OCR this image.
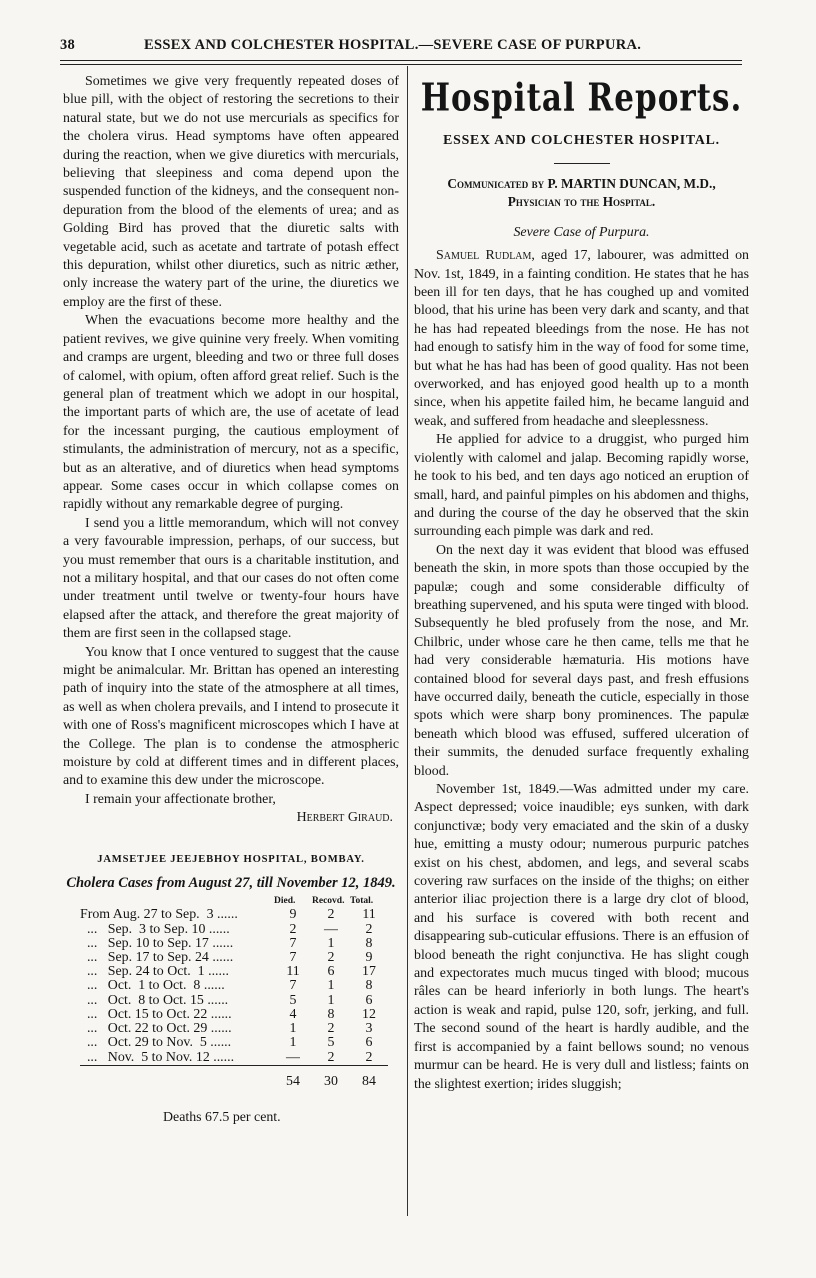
38	ESSEX AND COLCHESTER HOSPITAL.—SEVERE CASE OF PURPURA.

Sometimes we give very frequently repeated doses of blue pill, with the object of restoring the secretions to their natural state, but we do not use mercurials as specifics for the cholera virus. Head symptoms have often appeared during the reaction, when we give diuretics with mercurials, believing that sleepiness and coma depend upon the suspended function of the kidneys, and the consequent non-depuration from the blood of the elements of urea; and as Golding Bird has proved that the diuretic salts with vegetable acid, such as acetate and tartrate of potash effect this depuration, whilst other diuretics, such as nitric æther, only increase the watery part of the urine, the diuretics we employ are the first of these.

When the evacuations become more healthy and the patient revives, we give quinine very freely. When vomiting and cramps are urgent, bleeding and two or three full doses of calomel, with opium, often afford great relief. Such is the general plan of treatment which we adopt in our hospital, the important parts of which are, the use of acetate of lead for the incessant purging, the cautious employment of stimulants, the administration of mercury, not as a specific, but as an alterative, and of diuretics when head symptoms appear. Some cases occur in which collapse comes on rapidly without any remarkable degree of purging.

I send you a little memorandum, which will not convey a very favourable impression, perhaps, of our success, but you must remember that ours is a charitable institution, and not a military hospital, and that our cases do not often come under treatment until twelve or twenty-four hours have elapsed after the attack, and therefore the great majority of them are first seen in the collapsed stage.

You know that I once ventured to suggest that the cause might be animalcular. Mr. Brittan has opened an interesting path of inquiry into the state of the atmosphere at all times, as well as when cholera prevails, and I intend to prosecute it with one of Ross's magnificent microscopes which I have at the College. The plan is to condense the atmospheric moisture by cold at different times and in different places, and to examine this dew under the microscope.

I remain your affectionate brother,

Herbert Giraud.

JAMSETJEE JEEJEBHOY HOSPITAL, BOMBAY.
Cholera Cases from August 27, till November 12, 1849.
	Died.	Recovd.	Total.
From Aug. 27 to Sep.  3 ......	9	2	11
...   Sep.  3 to Sep. 10 ......	2	—	2
...   Sep. 10 to Sep. 17 ......	7	1	8
...   Sep. 17 to Sep. 24 ......	7	2	9
...   Sep. 24 to Oct.  1 ......	11	6	17
...   Oct.  1 to Oct.  8 ......	7	1	8
...   Oct.  8 to Oct. 15 ......	5	1	6
...   Oct. 15 to Oct. 22 ......	4	8	12
...   Oct. 22 to Oct. 29 ......	1	2	3
...   Oct. 29 to Nov.  5 ......	1	5	6
...   Nov.  5 to Nov. 12 ......	—	2	2
	54	30	84
Deaths 67.5 per cent.
Hospital Reports.
ESSEX AND COLCHESTER HOSPITAL.
Communicated by P. MARTIN DUNCAN, M.D.,
Physician to the Hospital.
Severe Case of Purpura.

Samuel Rudlam, aged 17, labourer, was admitted on Nov. 1st, 1849, in a fainting condition. He states that he has been ill for ten days, that he has coughed up and vomited blood, that his urine has been very dark and scanty, and that he has had repeated bleedings from the nose. He has not had enough to satisfy him in the way of food for some time, but what he has had has been of good quality. Has not been overworked, and has enjoyed good health up to a month since, when his appetite failed him, he became languid and weak, and suffered from headache and sleeplessness.

He applied for advice to a druggist, who purged him violently with calomel and jalap. Becoming rapidly worse, he took to his bed, and ten days ago noticed an eruption of small, hard, and painful pimples on his abdomen and thighs, and during the course of the day he observed that the skin surrounding each pimple was dark and red.

On the next day it was evident that blood was effused beneath the skin, in more spots than those occupied by the papulæ; cough and some considerable difficulty of breathing supervened, and his sputa were tinged with blood. Subsequently he bled profusely from the nose, and Mr. Chilbric, under whose care he then came, tells me that he had very considerable hæmaturia. His motions have contained blood for several days past, and fresh effusions have occurred daily, beneath the cuticle, especially in those spots which were sharp bony prominences. The papulæ beneath which blood was effused, suffered ulceration of their summits, the denuded surface frequently exhaling blood.

November 1st, 1849.—Was admitted under my care. Aspect depressed; voice inaudible; eys sunken, with dark conjunctivæ; body very emaciated and the skin of a dusky hue, emitting a musty odour; numerous purpuric patches exist on his chest, abdomen, and legs, and several scabs covering raw surfaces on the inside of the thighs; on either anterior iliac projection there is a large dry clot of blood, and his surface is covered with both recent and disappearing sub-cuticular effusions. There is an effusion of blood beneath the right conjunctiva. He has slight cough and expectorates much mucus tinged with blood; mucous râles can be heard inferiorly in both lungs. The heart's action is weak and rapid, pulse 120, sofr, jerking, and full. The second sound of the heart is hardly audible, and the first is accompanied by a faint bellows sound; no venous murmur can be heard. He is very dull and listless; faints on the slightest exertion; irides sluggish;
